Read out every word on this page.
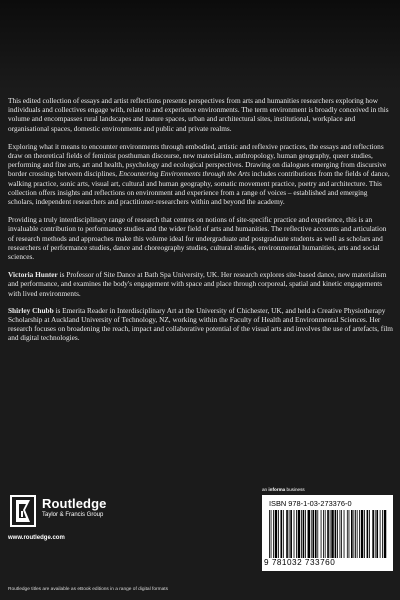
This edited collection of essays and artist reflections presents perspectives from arts and humanities researchers exploring how individuals and collectives engage with, relate to and experience environments. The term environment is broadly conceived in this volume and encompasses rural landscapes and nature spaces, urban and architectural sites, institutional, workplace and organisational spaces, domestic environments and public and private realms.

Exploring what it means to encounter environments through embodied, artistic and reflexive practices, the essays and reflections draw on theoretical fields of feminist posthuman discourse, new materialism, anthropology, human geography, queer studies, performing and fine arts, art and health, psychology and ecological perspectives. Drawing on dialogues emerging from discursive border crossings between disciplines, Encountering Environments through the Arts includes contributions from the fields of dance, walking practice, sonic arts, visual art, cultural and human geography, somatic movement practice, poetry and architecture. This collection offers insights and reflections on environment and experience from a range of voices – established and emerging scholars, independent researchers and practitioner-researchers within and beyond the academy.

Providing a truly interdisciplinary range of research that centres on notions of site-specific practice and experience, this is an invaluable contribution to performance studies and the wider field of arts and humanities. The reflective accounts and articulation of research methods and approaches make this volume ideal for undergraduate and postgraduate students as well as scholars and researchers of performance studies, dance and choreography studies, cultural studies, environmental humanities, arts and social sciences.

Victoria Hunter is Professor of Site Dance at Bath Spa University, UK. Her research explores site-based dance, new materialism and performance, and examines the body's engagement with space and place through corporeal, spatial and kinetic engagements with lived environments.

Shirley Chubb is Emerita Reader in Interdisciplinary Art at the University of Chichester, UK, and held a Creative Physiotherapy Scholarship at Auckland University of Technology, NZ, working within the Faculty of Health and Environmental Sciences. Her research focuses on broadening the reach, impact and collaborative potential of the visual arts and involves the use of artefacts, film and digital technologies.

Routledge
Taylor & Francis Group
www.routledge.com
an informa business
ISBN 978-1-03-273376-0
9 781032 733760
Routledge titles are available as eBook editions in a range of digital formats
